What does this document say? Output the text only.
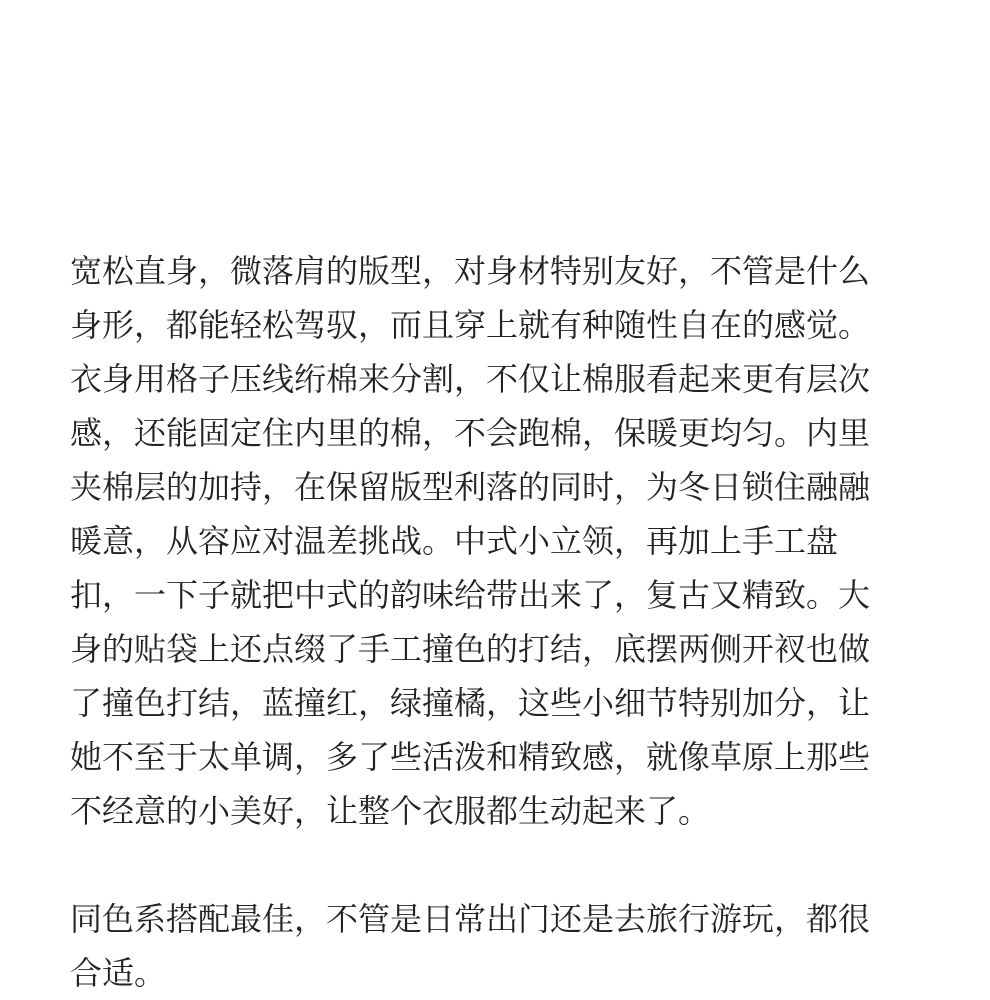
宽松直身，微落肩的版型，对身材特别友好，不管是什么
身形，都能轻松驾驭，而且穿上就有种随性自在的感觉。
衣身用格子压线绗棉来分割，不仅让棉服看起来更有层次
感，还能固定住内里的棉，不会跑棉，保暖更均匀。内里
夹棉层的加持，在保留版型利落的同时，为冬日锁住融融
暖意，从容应对温差挑战。中式小立领，再加上手工盘
扣，一下子就把中式的韵味给带出来了，复古又精致。大
身的贴袋上还点缀了手工撞色的打结，底摆两侧开衩也做
了撞色打结，蓝撞红，绿撞橘，这些小细节特别加分，让
她不至于太单调，多了些活泼和精致感，就像草原上那些
不经意的小美好，让整个衣服都生动起来了。
同色系搭配最佳，不管是日常出门还是去旅行游玩，都很
合适。
